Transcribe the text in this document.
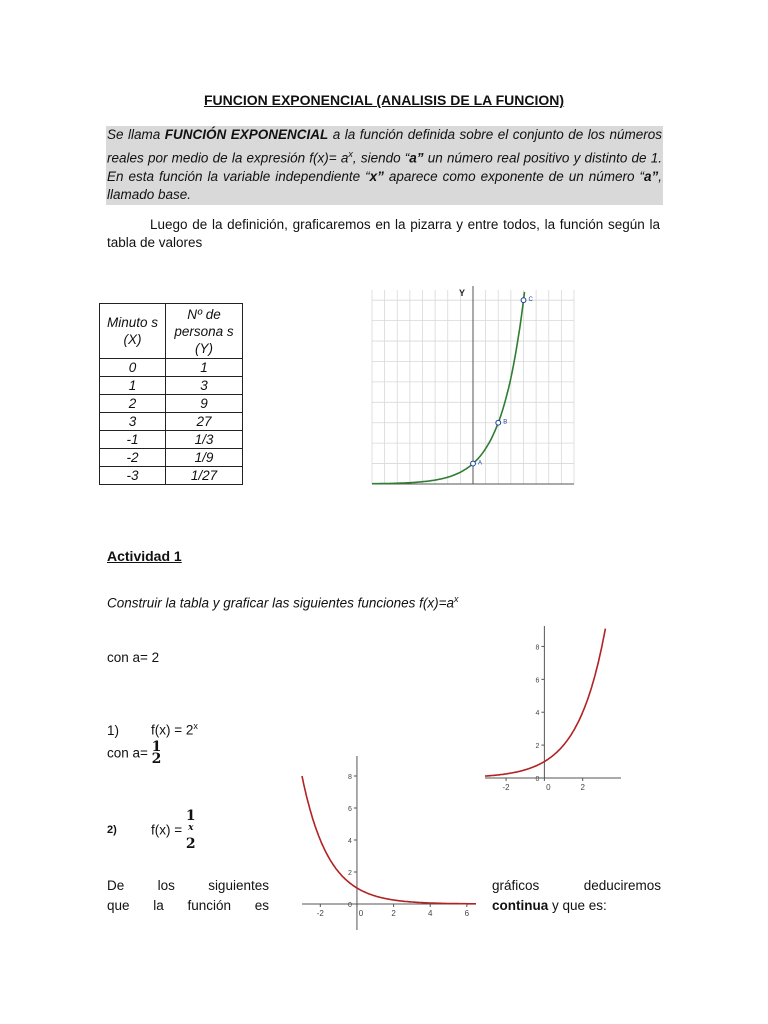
FUNCION EXPONENCIAL (ANALISIS DE LA FUNCION)
Se llama FUNCIÓN EXPONENCIAL a la función definida sobre el conjunto de los números reales por medio de la expresión $f(x)= a^x$, siendo “a” un número real positivo y distinto de 1. En esta función la variable independiente “x” aparece como exponente de un número “a”, llamado base.
Luego de la definición, graficaremos en la pizarra y entre todos, la función según la tabla de valores
Minuto s (X)	Nº de persona s (Y)

0	1
1	3
2	9
3	27
-1	1/3
-2	1/9
-3	1/27
Y
A
B
C
-2	0	2
0
2
4
6
8
-2	0	2	4	6
0
2
4
6
8
Actividad 1
Construir la tabla y graficar las siguientes funciones $f(x)=a^x$
con a= 2
1) $f(x) = 2^x$
con a= 1
2
2)	f(x) =
1
$^x$
2
De los siguientes	gráficos	deduciremos
que la función es	continua y que es:
